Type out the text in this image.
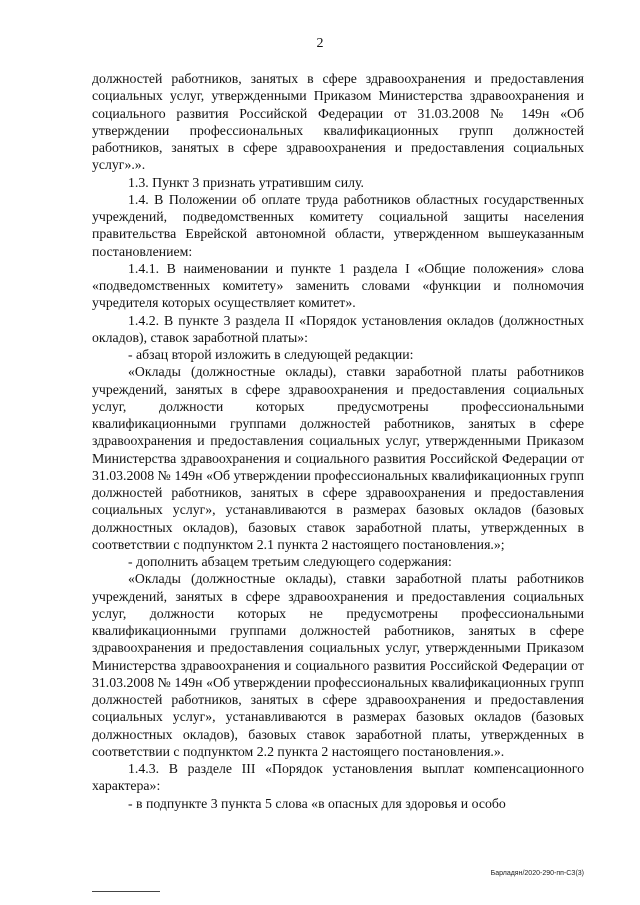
2

должностей работников, занятых в сфере здравоохранения и предоставления социальных услуг, утвержденными Приказом Министерства здравоохранения и социального развития Российской Федерации от 31.03.2008 № 149н «Об утверждении профессиональных квалификационных групп должностей работников, занятых в сфере здравоохранения и предоставления социальных услуг».».

1.3. Пункт 3 признать утратившим силу.

1.4. В Положении об оплате труда работников областных государственных учреждений, подведомственных комитету социальной защиты населения правительства Еврейской автономной области, утвержденном вышеуказанным постановлением:

1.4.1. В наименовании и пункте 1 раздела I «Общие положения» слова «подведомственных комитету» заменить словами «функции и полномочия учредителя которых осуществляет комитет».

1.4.2. В пункте 3 раздела II «Порядок установления окладов (должностных окладов), ставок заработной платы»:

- абзац второй изложить в следующей редакции:

«Оклады (должностные оклады), ставки заработной платы работников учреждений, занятых в сфере здравоохранения и предоставления социальных услуг, должности которых предусмотрены профессиональными квалификационными группами должностей работников, занятых в сфере здравоохранения и предоставления социальных услуг, утвержденными Приказом Министерства здравоохранения и социального развития Российской Федерации от 31.03.2008 № 149н «Об утверждении профессиональных квалификационных групп должностей работников, занятых в сфере здравоохранения и предоставления социальных услуг», устанавливаются в размерах базовых окладов (базовых должностных окладов), базовых ставок заработной платы, утвержденных в соответствии с подпунктом 2.1 пункта 2 настоящего постановления.»;

- дополнить абзацем третьим следующего содержания:

«Оклады (должностные оклады), ставки заработной платы работников учреждений, занятых в сфере здравоохранения и предоставления социальных услуг, должности которых не предусмотрены профессиональными квалификационными группами должностей работников, занятых в сфере здравоохранения и предоставления социальных услуг, утвержденными Приказом Министерства здравоохранения и социального развития Российской Федерации от 31.03.2008 № 149н «Об утверждении профессиональных квалификационных групп должностей работников, занятых в сфере здравоохранения и предоставления социальных услуг», устанавливаются в размерах базовых окладов (базовых должностных окладов), базовых ставок заработной платы, утвержденных в соответствии с подпунктом 2.2 пункта 2 настоящего постановления.».

1.4.3. В разделе III «Порядок установления выплат компенсационного характера»:

- в подпункте 3 пункта 5 слова «в опасных для здоровья и особо

Барладян/2020-290-пп-СЗ(3)
